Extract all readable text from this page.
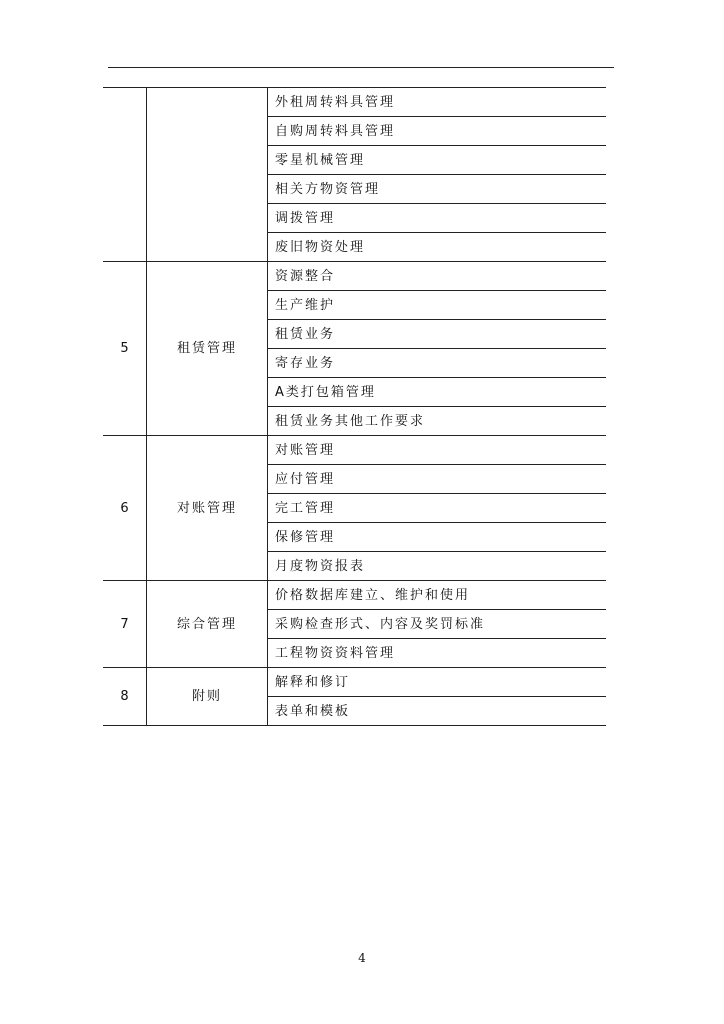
		外租周转料具管理
		自购周转料具管理
		零星机械管理
		相关方物资管理
		调拨管理
		废旧物资处理
5	租赁管理	资源整合
		生产维护
		租赁业务
		寄存业务
		A类打包箱管理
		租赁业务其他工作要求
6	对账管理	对账管理
		应付管理
		完工管理
		保修管理
		月度物资报表
7	综合管理	价格数据库建立、维护和使用
		采购检查形式、内容及奖罚标准
		工程物资资料管理
8	附则	解释和修订
		表单和模板
4
